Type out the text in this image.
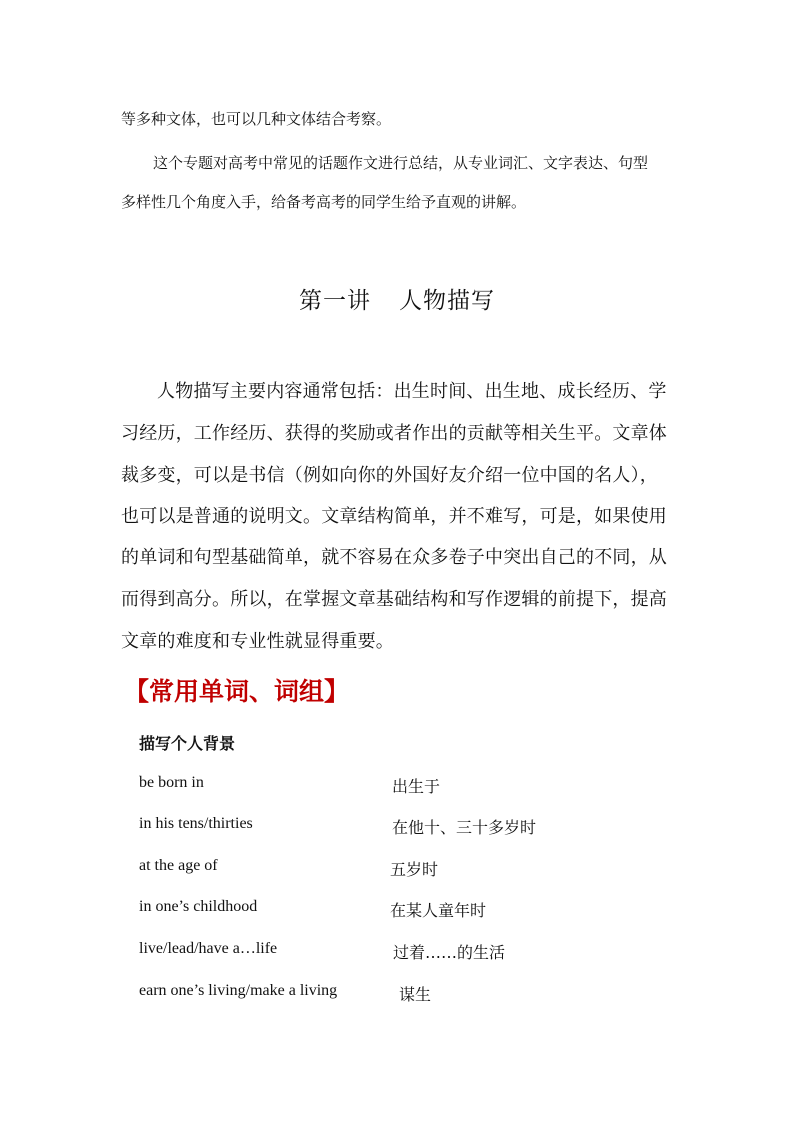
等多种文体，也可以几种文体结合考察。
这个专题对高考中常见的话题作文进行总结，从专业词汇、文字表达、句型
多样性几个角度入手，给备考高考的同学生给予直观的讲解。
第一讲 人物描写
人物描写主要内容通常包括：出生时间、出生地、成长经历、学
习经历，工作经历、获得的奖励或者作出的贡献等相关生平。文章体
裁多变，可以是书信（例如向你的外国好友介绍一位中国的名人），
也可以是普通的说明文。文章结构简单，并不难写，可是，如果使用
的单词和句型基础简单，就不容易在众多卷子中突出自己的不同，从
而得到高分。所以，在掌握文章基础结构和写作逻辑的前提下，提高
文章的难度和专业性就显得重要。
【常用单词、词组】
描写个人背景
be born in	出生于
in his tens/thirties	在他十、三十多岁时
at the age of	五岁时
in one’s childhood	在某人童年时
live/lead/have a…life	过着……的生活
earn one’s living/make a living	谋生
